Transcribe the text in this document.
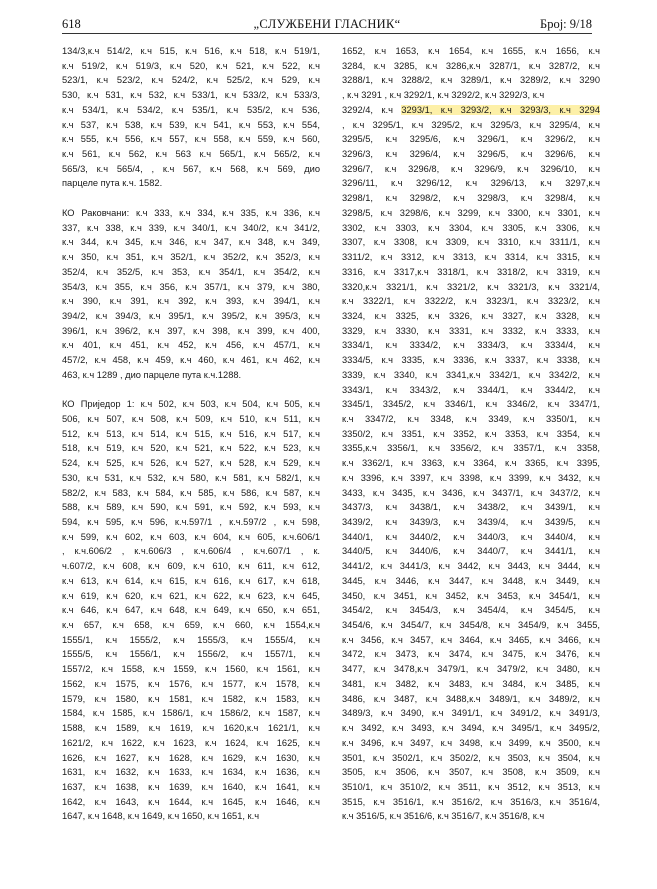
618	„СЛУЖБЕНИ ГЛАСНИК“	Број: 9/18
134/3,к.ч 514/2, к.ч 515, к.ч 516, к.ч 518, к.ч 519/1,
к.ч 519/2, к.ч 519/3, к.ч 520, к.ч 521, к.ч 522, к.ч
523/1, к.ч 523/2, к.ч 524/2, к.ч 525/2, к.ч 529, к.ч
530, к.ч 531, к.ч 532, к.ч 533/1, к.ч 533/2, к.ч 533/3,
к.ч 534/1, к.ч 534/2, к.ч 535/1, к.ч 535/2, к.ч 536,
к.ч 537, к.ч 538, к.ч 539, к.ч 541, к.ч 553, к.ч 554,
к.ч 555, к.ч 556, к.ч 557, к.ч 558, к.ч 559, к.ч 560,
к.ч 561, к.ч 562, к.ч 563 к.ч 565/1, к.ч 565/2, к.ч
565/3, к.ч 565/4, , к.ч 567, к.ч 568, к.ч 569, дио
парцеле пута к.ч. 1582.
КО Раковчани: к.ч 333, к.ч 334, к.ч 335, к.ч 336, к.ч
337, к.ч 338, к.ч 339, к.ч 340/1, к.ч 340/2, к.ч 341/2,
к.ч 344, к.ч 345, к.ч 346, к.ч 347, к.ч 348, к.ч 349,
к.ч 350, к.ч 351, к.ч 352/1, к.ч 352/2, к.ч 352/3, к.ч
352/4, к.ч 352/5, к.ч 353, к.ч 354/1, к.ч 354/2, к.ч
354/3, к.ч 355, к.ч 356, к.ч 357/1, к.ч 379, к.ч 380,
к.ч 390, к.ч 391, к.ч 392, к.ч 393, к.ч 394/1, к.ч
394/2, к.ч 394/3, к.ч 395/1, к.ч 395/2, к.ч 395/3, к.ч
396/1, к.ч 396/2, к.ч 397, к.ч 398, к.ч 399, к.ч 400,
к.ч 401, к.ч 451, к.ч 452, к.ч 456, к.ч 457/1, к.ч
457/2, к.ч 458, к.ч 459, к.ч 460, к.ч 461, к.ч 462, к.ч
463, к.ч 1289 , дио парцеле пута к.ч.1288.
КО Приједор 1: к.ч 502, к.ч 503, к.ч 504, к.ч 505, к.ч
506, к.ч 507, к.ч 508, к.ч 509, к.ч 510, к.ч 511, к.ч
512, к.ч 513, к.ч 514, к.ч 515, к.ч 516, к.ч 517, к.ч
518, к.ч 519, к.ч 520, к.ч 521, к.ч 522, к.ч 523, к.ч
524, к.ч 525, к.ч 526, к.ч 527, к.ч 528, к.ч 529, к.ч
530, к.ч 531, к.ч 532, к.ч 580, к.ч 581, к.ч 582/1, к.ч
582/2, к.ч 583, к.ч 584, к.ч 585, к.ч 586, к.ч 587, к.ч
588, к.ч 589, к.ч 590, к.ч 591, к.ч 592, к.ч 593, к.ч
594, к.ч 595, к.ч 596, к.ч.597/1 , к.ч.597/2 , к.ч 598,
к.ч 599, к.ч 602, к.ч 603, к.ч 604, к.ч 605, к.ч.606/1
, к.ч.606/2 , к.ч.606/3 , к.ч.606/4 , к.ч.607/1 , к.
ч.607/2, к.ч 608, к.ч 609, к.ч 610, к.ч 611, к.ч 612,
к.ч 613, к.ч 614, к.ч 615, к.ч 616, к.ч 617, к.ч 618,
к.ч 619, к.ч 620, к.ч 621, к.ч 622, к.ч 623, к.ч 645,
к.ч 646, к.ч 647, к.ч 648, к.ч 649, к.ч 650, к.ч 651,
к.ч 657, к.ч 658, к.ч 659, к.ч 660, к.ч 1554,к.ч
1555/1, к.ч 1555/2, к.ч 1555/3, к.ч 1555/4, к.ч
1555/5, к.ч 1556/1, к.ч 1556/2, к.ч 1557/1, к.ч
1557/2, к.ч 1558, к.ч 1559, к.ч 1560, к.ч 1561, к.ч
1562, к.ч 1575, к.ч 1576, к.ч 1577, к.ч 1578, к.ч
1579, к.ч 1580, к.ч 1581, к.ч 1582, к.ч 1583, к.ч
1584, к.ч 1585, к.ч 1586/1, к.ч 1586/2, к.ч 1587, к.ч
1588, к.ч 1589, к.ч 1619, к.ч 1620,к.ч 1621/1, к.ч
1621/2, к.ч 1622, к.ч 1623, к.ч 1624, к.ч 1625, к.ч
1626, к.ч 1627, к.ч 1628, к.ч 1629, к.ч 1630, к.ч
1631, к.ч 1632, к.ч 1633, к.ч 1634, к.ч 1636, к.ч
1637, к.ч 1638, к.ч 1639, к.ч 1640, к.ч 1641, к.ч
1642, к.ч 1643, к.ч 1644, к.ч 1645, к.ч 1646, к.ч
1647, к.ч 1648, к.ч 1649, к.ч 1650, к.ч 1651, к.ч
1652, к.ч 1653, к.ч 1654, к.ч 1655, к.ч 1656, к.ч
3284, к.ч 3285, к.ч 3286,к.ч 3287/1, к.ч 3287/2, к.ч
3288/1, к.ч 3288/2, к.ч 3289/1, к.ч 3289/2, к.ч 3290
, к.ч 3291 , к.ч 3292/1, к.ч 3292/2, к.ч 3292/3, к.ч
3292/4, к.ч 3293/1, к.ч 3293/2, к.ч 3293/3, к.ч 3294
, к.ч 3295/1, к.ч 3295/2, к.ч 3295/3, к.ч 3295/4, к.ч
3295/5, к.ч 3295/6, к.ч 3296/1, к.ч 3296/2, к.ч
3296/3, к.ч 3296/4, к.ч 3296/5, к.ч 3296/6, к.ч
3296/7, к.ч 3296/8, к.ч 3296/9, к.ч 3296/10, к.ч
3296/11, к.ч 3296/12, к.ч 3296/13, к.ч 3297,к.ч
3298/1, к.ч 3298/2, к.ч 3298/3, к.ч 3298/4, к.ч
3298/5, к.ч 3298/6, к.ч 3299, к.ч 3300, к.ч 3301, к.ч
3302, к.ч 3303, к.ч 3304, к.ч 3305, к.ч 3306, к.ч
3307, к.ч 3308, к.ч 3309, к.ч 3310, к.ч 3311/1, к.ч
3311/2, к.ч 3312, к.ч 3313, к.ч 3314, к.ч 3315, к.ч
3316, к.ч 3317,к.ч 3318/1, к.ч 3318/2, к.ч 3319, к.ч
3320,к.ч 3321/1, к.ч 3321/2, к.ч 3321/3, к.ч 3321/4,
к.ч 3322/1, к.ч 3322/2, к.ч 3323/1, к.ч 3323/2, к.ч
3324, к.ч 3325, к.ч 3326, к.ч 3327, к.ч 3328, к.ч
3329, к.ч 3330, к.ч 3331, к.ч 3332, к.ч 3333, к.ч
3334/1, к.ч 3334/2, к.ч 3334/3, к.ч 3334/4, к.ч
3334/5, к.ч 3335, к.ч 3336, к.ч 3337, к.ч 3338, к.ч
3339, к.ч 3340, к.ч 3341,к.ч 3342/1, к.ч 3342/2, к.ч
3343/1, к.ч 3343/2, к.ч 3344/1, к.ч 3344/2, к.ч
3345/1, 3345/2, к.ч 3346/1, к.ч 3346/2, к.ч 3347/1,
к.ч 3347/2, к.ч 3348, к.ч 3349, к.ч 3350/1, к.ч
3350/2, к.ч 3351, к.ч 3352, к.ч 3353, к.ч 3354, к.ч
3355,к.ч 3356/1, к.ч 3356/2, к.ч 3357/1, к.ч 3358,
к.ч 3362/1, к.ч 3363, к.ч 3364, к.ч 3365, к.ч 3395,
к.ч 3396, к.ч 3397, к.ч 3398, к.ч 3399, к.ч 3432, к.ч
3433, к.ч 3435, к.ч 3436, к.ч 3437/1, к.ч 3437/2, к.ч
3437/3, к.ч 3438/1, к.ч 3438/2, к.ч 3439/1, к.ч
3439/2, к.ч 3439/3, к.ч 3439/4, к.ч 3439/5, к.ч
3440/1, к.ч 3440/2, к.ч 3440/3, к.ч 3440/4, к.ч
3440/5, к.ч 3440/6, к.ч 3440/7, к.ч 3441/1, к.ч
3441/2, к.ч 3441/3, к.ч 3442, к.ч 3443, к.ч 3444, к.ч
3445, к.ч 3446, к.ч 3447, к.ч 3448, к.ч 3449, к.ч
3450, к.ч 3451, к.ч 3452, к.ч 3453, к.ч 3454/1, к.ч
3454/2, к.ч 3454/3, к.ч 3454/4, к.ч 3454/5, к.ч
3454/6, к.ч 3454/7, к.ч 3454/8, к.ч 3454/9, к.ч 3455,
к.ч 3456, к.ч 3457, к.ч 3464, к.ч 3465, к.ч 3466, к.ч
3472, к.ч 3473, к.ч 3474, к.ч 3475, к.ч 3476, к.ч
3477, к.ч 3478,к.ч 3479/1, к.ч 3479/2, к.ч 3480, к.ч
3481, к.ч 3482, к.ч 3483, к.ч 3484, к.ч 3485, к.ч
3486, к.ч 3487, к.ч 3488,к.ч 3489/1, к.ч 3489/2, к.ч
3489/3, к.ч 3490, к.ч 3491/1, к.ч 3491/2, к.ч 3491/3,
к.ч 3492, к.ч 3493, к.ч 3494, к.ч 3495/1, к.ч 3495/2,
к.ч 3496, к.ч 3497, к.ч 3498, к.ч 3499, к.ч 3500, к.ч
3501, к.ч 3502/1, к.ч 3502/2, к.ч 3503, к.ч 3504, к.ч
3505, к.ч 3506, к.ч 3507, к.ч 3508, к.ч 3509, к.ч
3510/1, к.ч 3510/2, к.ч 3511, к.ч 3512, к.ч 3513, к.ч
3515, к.ч 3516/1, к.ч 3516/2, к.ч 3516/3, к.ч 3516/4,
к.ч 3516/5, к.ч 3516/6, к.ч 3516/7, к.ч 3516/8, к.ч
